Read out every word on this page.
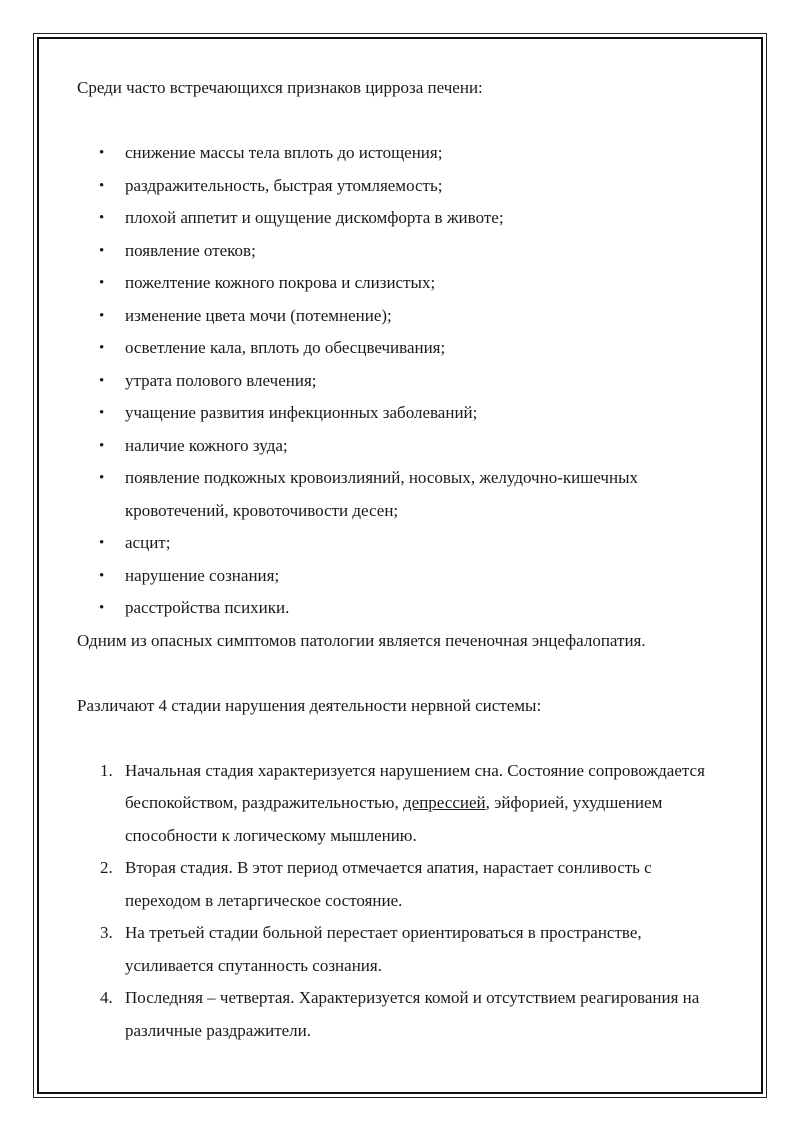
Среди часто встречающихся признаков цирроза печени:

• снижение массы тела вплоть до истощения;
• раздражительность, быстрая утомляемость;
• плохой аппетит и ощущение дискомфорта в животе;
• появление отеков;
• пожелтение кожного покрова и слизистых;
• изменение цвета мочи (потемнение);
• осветление кала, вплоть до обесцвечивания;
• утрата полового влечения;
• учащение развития инфекционных заболеваний;
• наличие кожного зуда;
• появление подкожных кровоизлияний, носовых, желудочно-кишечных кровотечений, кровоточивости десен;
• асцит;
• нарушение сознания;
• расстройства психики.

Одним из опасных симптомов патологии является печеночная энцефалопатия.

Различают 4 стадии нарушения деятельности нервной системы:

1. Начальная стадия характеризуется нарушением сна. Состояние сопровождается беспокойством, раздражительностью, депрессией, эйфорией, ухудшением способности к логическому мышлению.
2. Вторая стадия. В этот период отмечается апатия, нарастает сонливость с переходом в летаргическое состояние.
3. На третьей стадии больной перестает ориентироваться в пространстве, усиливается спутанность сознания.
4. Последняя – четвертая. Характеризуется комой и отсутствием реагирования на различные раздражители.
